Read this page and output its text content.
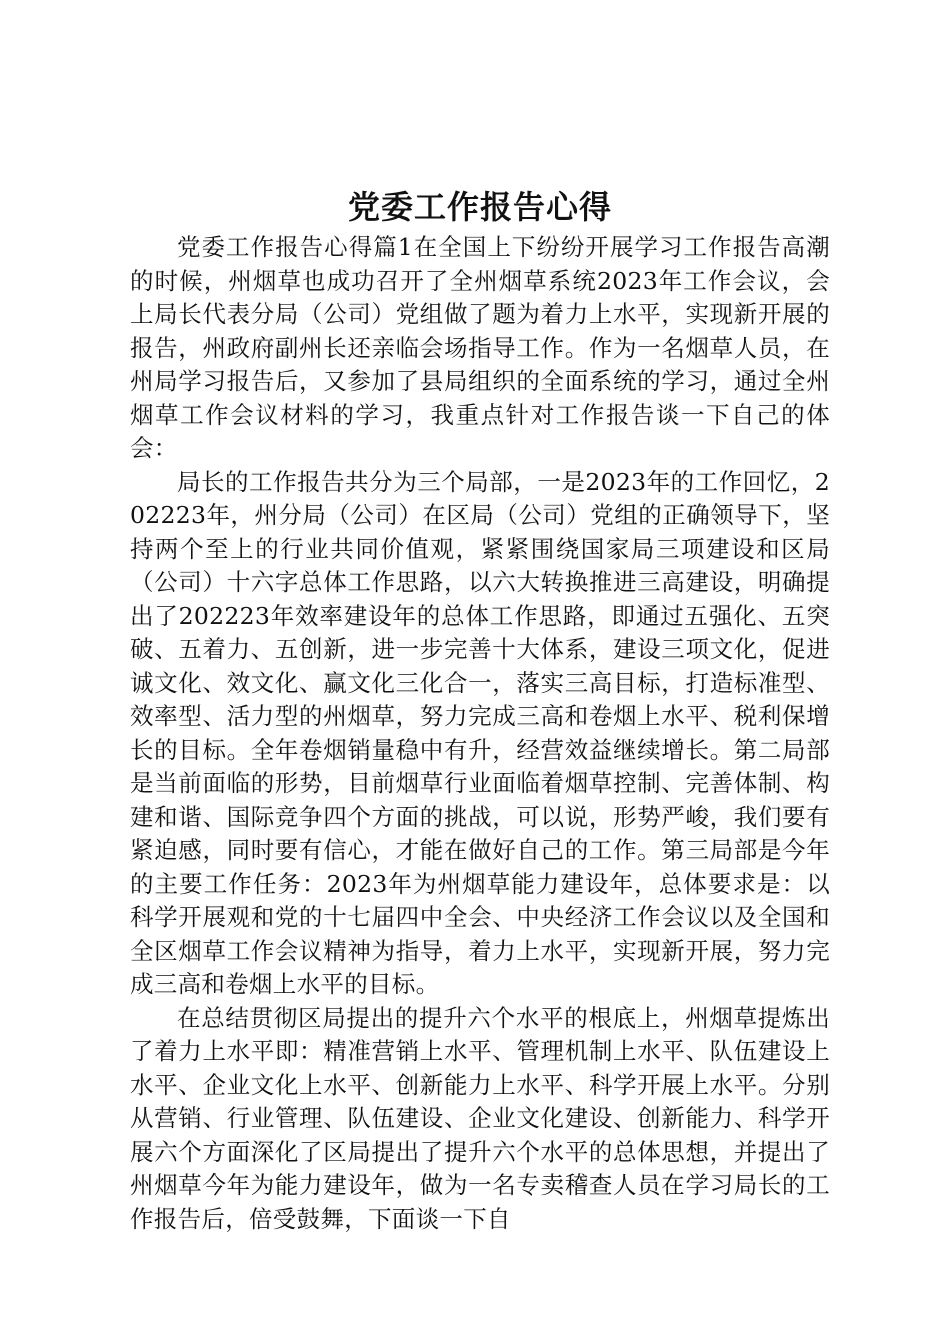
党委工作报告心得

党委工作报告心得篇1在全国上下纷纷开展学习工作报告高潮的时候，州烟草也成功召开了全州烟草系统2023年工作会议，会上局长代表分局（公司）党组做了题为着力上水平，实现新开展的报告，州政府副州长还亲临会场指导工作。作为一名烟草人员，在州局学习报告后，又参加了县局组织的全面系统的学习，通过全州烟草工作会议材料的学习，我重点针对工作报告谈一下自己的体会：

局长的工作报告共分为三个局部，一是2023年的工作回忆，202223年，州分局（公司）在区局（公司）党组的正确领导下，坚持两个至上的行业共同价值观，紧紧围绕国家局三项建设和区局（公司）十六字总体工作思路，以六大转换推进三高建设，明确提出了202223年效率建设年的总体工作思路，即通过五强化、五突破、五着力、五创新，进一步完善十大体系，建设三项文化，促进诚文化、效文化、赢文化三化合一，落实三高目标，打造标准型、效率型、活力型的州烟草，努力完成三高和卷烟上水平、税利保增长的目标。全年卷烟销量稳中有升，经营效益继续增长。第二局部是当前面临的形势，目前烟草行业面临着烟草控制、完善体制、构建和谐、国际竞争四个方面的挑战，可以说，形势严峻，我们要有紧迫感，同时要有信心，才能在做好自己的工作。第三局部是今年的主要工作任务：2023年为州烟草能力建设年，总体要求是：以科学开展观和党的十七届四中全会、中央经济工作会议以及全国和全区烟草工作会议精神为指导，着力上水平，实现新开展，努力完成三高和卷烟上水平的目标。

在总结贯彻区局提出的提升六个水平的根底上，州烟草提炼出了着力上水平即：精准营销上水平、管理机制上水平、队伍建设上水平、企业文化上水平、创新能力上水平、科学开展上水平。分别从营销、行业管理、队伍建设、企业文化建设、创新能力、科学开展六个方面深化了区局提出了提升六个水平的总体思想，并提出了州烟草今年为能力建设年，做为一名专卖稽查人员在学习局长的工作报告后，倍受鼓舞，下面谈一下自
